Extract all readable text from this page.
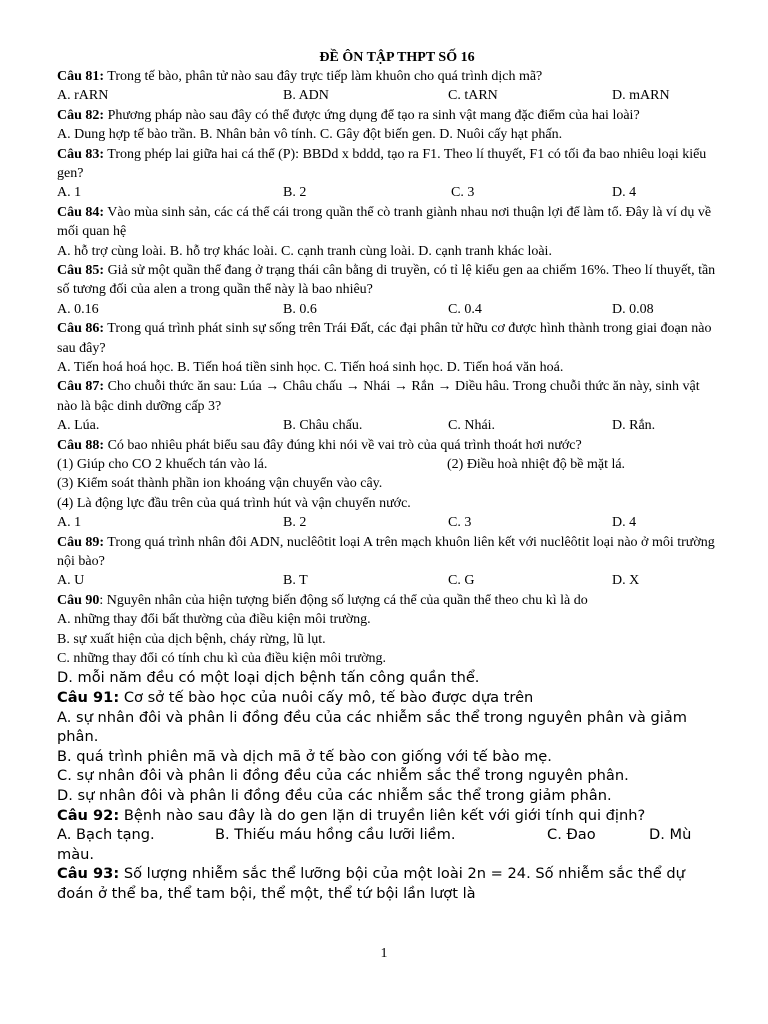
ĐỀ ÔN TẬP THPT SỐ 16
Câu 81: Trong tế bào, phân tử nào sau đây trực tiếp làm khuôn cho quá trình dịch mã?
A. rARN	B. ADN	C. tARN	D. mARN
Câu 82: Phương pháp nào sau đây có thể được ứng dụng để tạo ra sinh vật mang đặc điểm của hai loài?
A. Dung hợp tế bào trần. B. Nhân bản vô tính. C. Gây đột biến gen. D. Nuôi cấy hạt phấn.
Câu 83: Trong phép lai giữa hai cá thể (P): BBDd x bddd, tạo ra F1. Theo lí thuyết, F1 có tối đa bao nhiêu loại kiểu gen?
A. 1	B. 2	C. 3	D. 4
Câu 84: Vào mùa sinh sản, các cá thể cái trong quần thể cò tranh giành nhau nơi thuận lợi để làm tổ. Đây là ví dụ về mối quan hệ
A. hỗ trợ cùng loài. B. hỗ trợ khác loài. C. cạnh tranh cùng loài. D. cạnh tranh khác loài.
Câu 85: Giả sử một quần thể đang ở trạng thái cân bằng di truyền, có tỉ lệ kiểu gen aa chiếm 16%. Theo lí thuyết, tần số tương đối của alen a trong quần thể này là bao nhiêu?
A. 0.16	B. 0.6	C. 0.4	D. 0.08
Câu 86: Trong quá trình phát sinh sự sống trên Trái Đất, các đại phân tử hữu cơ được hình thành trong giai đoạn nào sau đây?
A. Tiến hoá hoá học. B. Tiến hoá tiền sinh học. C. Tiến hoá sinh học. D. Tiến hoá văn hoá.
Câu 87: Cho chuỗi thức ăn sau: Lúa → Châu chấu → Nhái → Rắn → Diều hâu. Trong chuỗi thức ăn này, sinh vật nào là bậc dinh dưỡng cấp 3?
A. Lúa.	B. Châu chấu.	C. Nhái.	D. Rắn.
Câu 88: Có bao nhiêu phát biểu sau đây đúng khi nói về vai trò của quá trình thoát hơi nước?
(1) Giúp cho CO 2 khuếch tán vào lá.	(2) Điều hoà nhiệt độ bề mặt lá.
(3) Kiểm soát thành phần ion khoáng vận chuyển vào cây.
(4) Là động lực đầu trên của quá trình hút và vận chuyển nước.
A. 1	B. 2	C. 3	D. 4
Câu 89: Trong quá trình nhân đôi ADN, nuclêôtit loại A trên mạch khuôn liên kết với nuclêôtit loại nào ở môi trường nội bào?
A. U	B. T	C. G	D. X
Câu 90: Nguyên nhân của hiện tượng biến động số lượng cá thể của quần thể theo chu kì là do
A. những thay đổi bất thường của điều kiện môi trường.
B. sự xuất hiện của dịch bệnh, cháy rừng, lũ lụt.
C. những thay đổi có tính chu kì của điều kiện môi trường.
D. mỗi năm đều có một loại dịch bệnh tấn công quần thể.
Câu 91: Cơ sở tế bào học của nuôi cấy mô, tế bào được dựa trên
A. sự nhân đôi và phân li đồng đều của các nhiễm sắc thể trong nguyên phân và giảm phân.
B. quá trình phiên mã và dịch mã ở tế bào con giống với tế bào mẹ.
C. sự nhân đôi và phân li đồng đều của các nhiễm sắc thể trong nguyên phân.
D. sự nhân đôi và phân li đồng đều của các nhiễm sắc thể trong giảm phân.
Câu 92: Bệnh nào sau đây là do gen lặn di truyền liên kết với giới tính qui định?
A. Bạch tạng.	B. Thiếu máu hồng cầu lưỡi liềm.	C. Đao	D. Mù
màu.
Câu 93: Số lượng nhiễm sắc thể lưỡng bội của một loài 2n = 24. Số nhiễm sắc thể dự đoán ở thể ba, thể tam bội, thể một, thể tứ bội lần lượt là
1
